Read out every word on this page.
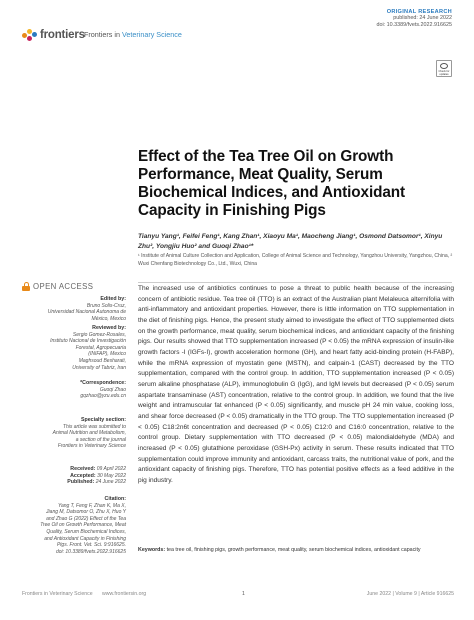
frontiers Frontiers in Veterinary Science
ORIGINAL RESEARCH
published: 24 June 2022
doi: 10.3389/fvets.2022.916625
Check for updates
Effect of the Tea Tree Oil on Growth Performance, Meat Quality, Serum Biochemical Indices, and Antioxidant Capacity in Finishing Pigs
Tianyu Yang¹, Feifei Feng¹, Kang Zhan¹, Xiaoyu Ma¹, Maocheng Jiang¹, Osmond Datsomor¹, Xinyu Zhu², Yongjiu Huo² and Guoqi Zhao¹*
¹ Institute of Animal Culture Collection and Application, College of Animal Science and Technology, Yangzhou University, Yangzhou, China, ² Wuxi Chenfang Biotechnology Co., Ltd., Wuxi, China
OPEN ACCESS
Edited by:
Bruno Solis-Cruz,
Universidad Nacional Autonoma de
México, Mexico
Reviewed by:
Sergio Gomez-Rosales,
Instituto Nacional de Investigación
Forestal, Agropecuaria
(INIFAP), Mexico
Maghsoud Besharati,
University of Tabriz, Iran
*Correspondence:
Guoqi Zhao
gqzhao@yzu.edu.cn
Specialty section:
This article was submitted to
Animal Nutrition and Metabolism,
a section of the journal
Frontiers in Veterinary Science
Received: 09 April 2022
Accepted: 30 May 2022
Published: 24 June 2022
Citation:
Yang T, Feng F, Zhan K, Ma X,
Jiang M, Datsomor O, Zhu X, Huo Y
and Zhao G (2022) Effect of the Tea
Tree Oil on Growth Performance, Meat
Quality, Serum Biochemical Indices,
and Antioxidant Capacity in Finishing
Pigs. Front. Vet. Sci. 9:916625.
doi: 10.3389/fvets.2022.916625

The increased use of antibiotics continues to pose a threat to public health because of the increasing concern of antibiotic residue. Tea tree oil (TTO) is an extract of the Australian plant Melaleuca alternifolia with anti-inflammatory and antioxidant properties. However, there is little information on TTO supplementation in the diet of finishing pigs. Hence, the present study aimed to investigate the effect of TTO supplemented diets on the growth performance, meat quality, serum biochemical indices, and antioxidant capacity of the finishing pigs. Our results showed that TTO supplementation increased (P < 0.05) the mRNA expression of insulin-like growth factors -I (IGFs-I), growth acceleration hormone (GH), and heart fatty acid-binding protein (H-FABP), while the mRNA expression of myostatin gene (MSTN), and calpain-1 (CAST) decreased by the TTO supplementation, compared with the control group. In addition, TTO supplementation increased (P < 0.05) serum alkaline phosphatase (ALP), immunoglobulin G (IgG), and IgM levels but decreased (P < 0.05) serum aspartate transaminase (AST) concentration, relative to the control group. In addition, we found that the live weight and intramuscular fat enhanced (P < 0.05) significantly, and muscle pH 24 min value, cooking loss, and shear force decreased (P < 0.05) dramatically in the TTO group. The TTO supplementation increased (P < 0.05) C18:2n6t concentration and decreased (P < 0.05) C12:0 and C16:0 concentration, relative to the control group. Dietary supplementation with TTO decreased (P < 0.05) malondialdehyde (MDA) and increased (P < 0.05) glutathione peroxidase (GSH-Px) activity in serum. These results indicated that TTO supplementation could improve immunity and antioxidant, carcass traits, the nutritional value of pork, and the antioxidant capacity of finishing pigs. Therefore, TTO has potential positive effects as a feed additive in the pig industry.

Keywords: tea tree oil, finishing pigs, growth performance, meat quality, serum biochemical indices, antioxidant capacity
Frontiers in Veterinary Science www.frontiersin.org	1	June 2022 | Volume 9 | Article 916625
